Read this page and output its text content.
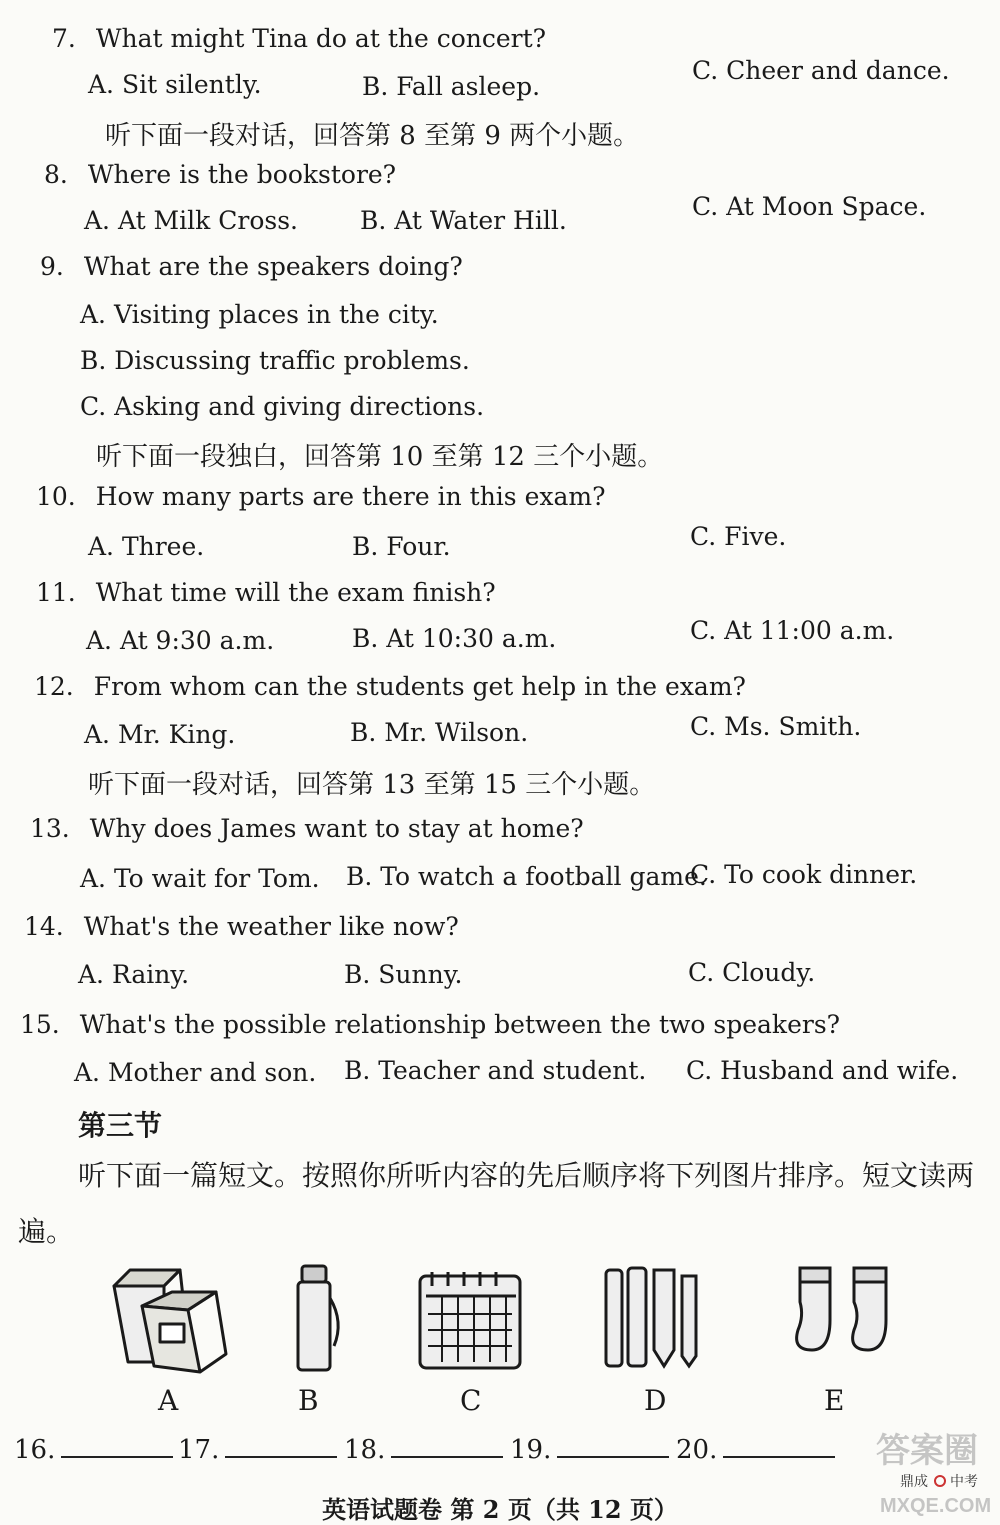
7. What might Tina do at the concert?
A. Sit silently.	B. Fall asleep.
C. Cheer and dance.
听下面一段对话，回答第 8 至第 9 两个小题。
8. Where is the bookstore?
A. At Milk Cross. B. At Water Hill.	C. At Moon Space.
9. What are the speakers doing?
A. Visiting places in the city.
B. Discussing traffic problems.
C. Asking and giving directions.
听下面一段独白，回答第 10 至第 12 三个小题。
10. How many parts are there in this exam?
A. Three.	B. Four.	C. Five.
11. What time will the exam finish?
A. At 9:30 a.m.	B. At 10:30 a.m.	C. At 11:00 a.m.
12. From whom can the students get help in the exam?
A. Mr. King.	B. Mr. Wilson.	C. Ms. Smith.
听下面一段对话，回答第 13 至第 15 三个小题。
13. Why does James want to stay at home?
A. To wait for Tom. B. To watch a football game.
C. To cook dinner.
14. What's the weather like now?
A. Rainy.	B. Sunny.	C. Cloudy.
15. What's the possible relationship between the two speakers?
A. Mother and son. B. Teacher and student. C. Husband and wife.
第三节
听下面一篇短文。按照你所听内容的先后顺序将下列图片排序。短文读两遍。
A	B	C	D	E
16.	17.	18.	19.	20.	答案圈
MXQE.COM
鼎成 中考
英语试题卷 第 2 页（共 12 页）
